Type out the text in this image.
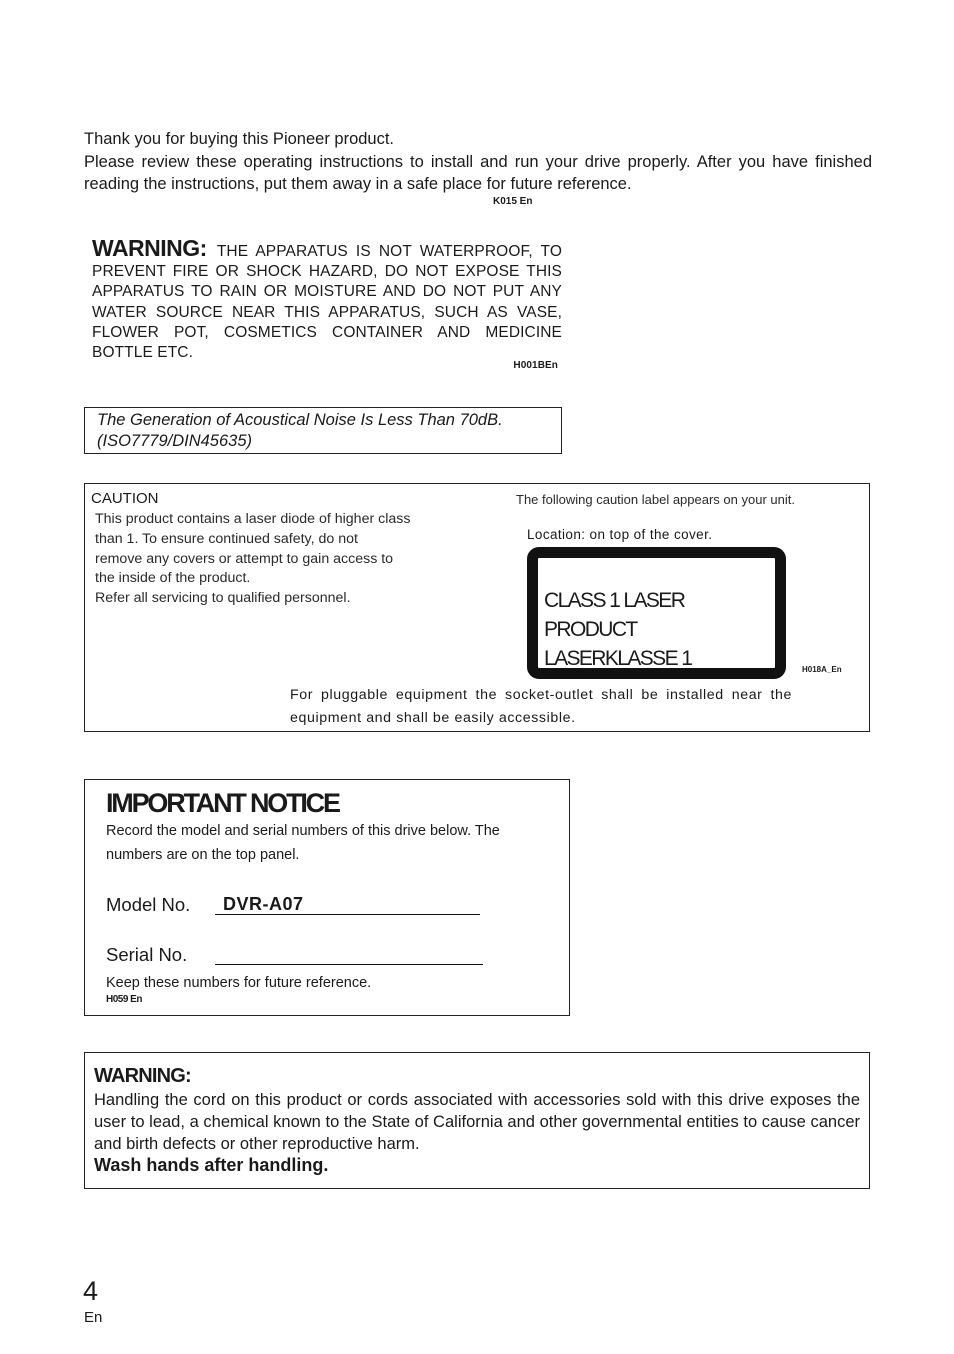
Thank you for buying this Pioneer product.

Please review these operating instructions to install and run your drive properly. After you have finished reading the instructions, put them away in a safe place for future reference.

K015 En
WARNING: THE APPARATUS IS NOT WATERPROOF, TO PREVENT FIRE OR SHOCK HAZARD, DO NOT EXPOSE THIS APPARATUS TO RAIN OR MOISTURE AND DO NOT PUT ANY WATER SOURCE NEAR THIS APPARATUS, SUCH AS VASE, FLOWER POT, COSMETICS CONTAINER AND MEDICINE BOTTLE ETC.
H001BEn
The Generation of Acoustical Noise Is Less Than 70dB.
(ISO7779/DIN45635)
CAUTION

This product contains a laser diode of higher class

than 1. To ensure continued safety, do not

remove any covers or attempt to gain access to

the inside of the product.

Refer all servicing to qualified personnel.

The following caution label appears on your unit.
Location: on top of the cover.
CLASS 1 LASER PRODUCT
LASERKLASSE 1	H018A_En
For pluggable equipment the socket-outlet shall be installed near the equipment and shall be easily accessible.
IMPORTANT NOTICE
Record the model and serial numbers of this drive below. The numbers are on the top panel.
Model No.	DVR-A07
Serial No.
Keep these numbers for future reference.
H059 En
WARNING:
Handling the cord on this product or cords associated with accessories sold with this drive exposes the user to lead, a chemical known to the State of California and other governmental entities to cause cancer and birth defects or other reproductive harm.
Wash hands after handling.
4
En
